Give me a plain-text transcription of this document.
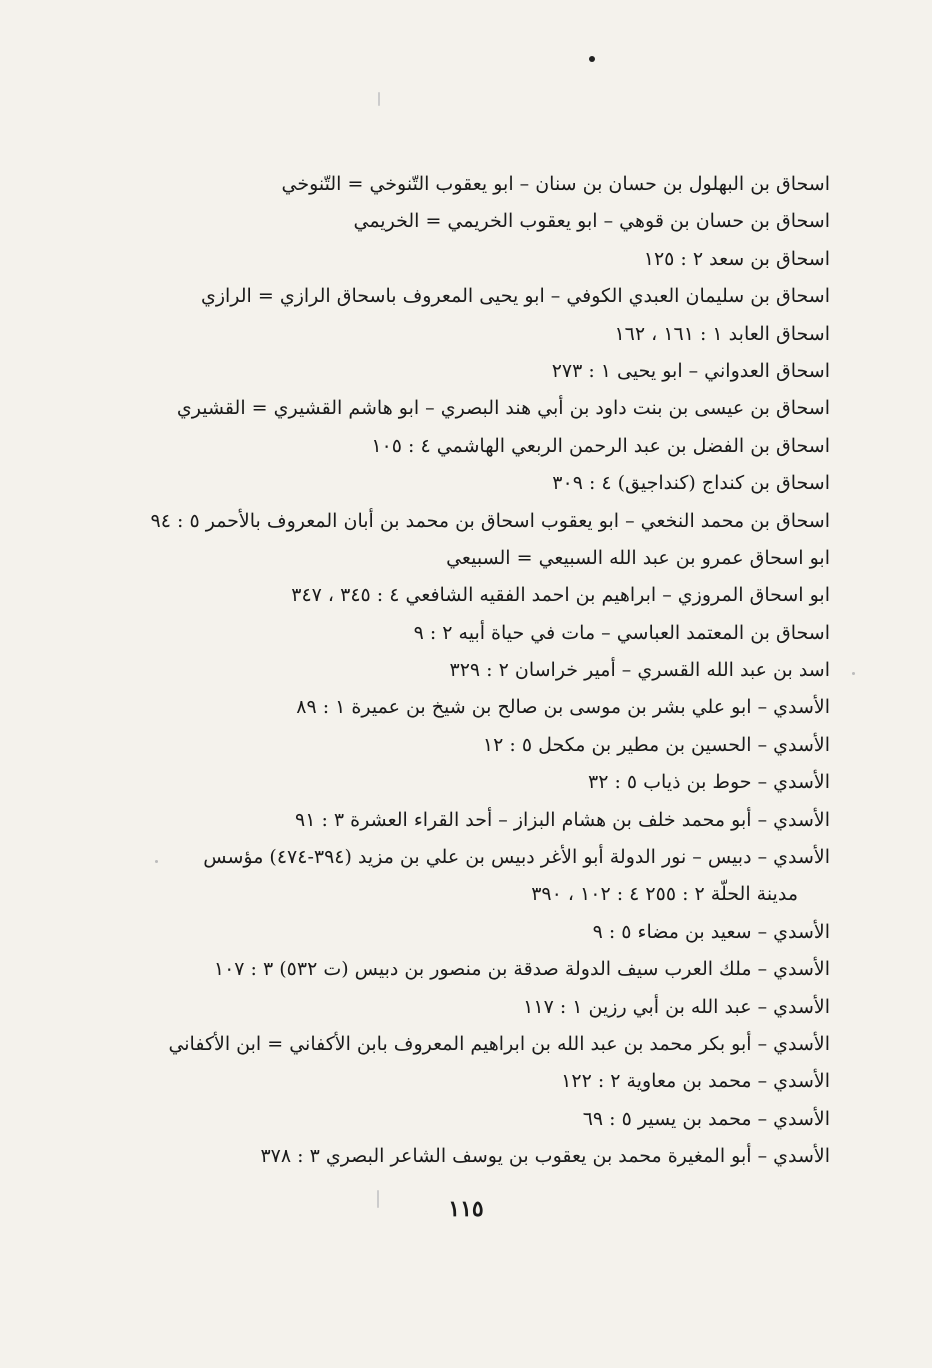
اسحاق بن البهلول بن حسان بن سنان – ابو يعقوب التّنوخي = التّنوخي
اسحاق بن حسان بن قوهي – ابو يعقوب الخريمي = الخريمي
اسحاق بن سعد ٢ : ١٢٥
اسحاق بن سليمان العبدي الكوفي – ابو يحيى المعروف باسحاق الرازي = الرازي
اسحاق العابد ١ : ١٦١ ، ١٦٢
اسحاق العدواني – ابو يحيى ١ : ٢٧٣
اسحاق بن عيسى بن بنت داود بن أبي هند البصري – ابو هاشم القشيري = القشيري
اسحاق بن الفضل بن عبد الرحمن الربعي الهاشمي ٤ : ١٠٥
اسحاق بن كنداج (كنداجيق) ٤ : ٣٠٩
اسحاق بن محمد النخعي – ابو يعقوب اسحاق بن محمد بن أبان المعروف بالأحمر ٥ : ٩٤
ابو اسحاق عمرو بن عبد الله السبيعي = السبيعي
ابو اسحاق المروزي – ابراهيم بن احمد الفقيه الشافعي ٤ : ٣٤٥ ، ٣٤٧
اسحاق بن المعتمد العباسي – مات في حياة أبيه ٢ : ٩
اسد بن عبد الله القسري – أمير خراسان ٢ : ٣٢٩
الأسدي – ابو علي بشر بن موسى بن صالح بن شيخ بن عميرة ١ : ٨٩
الأسدي – الحسين بن مطير بن مكحل ٥ : ١٢
الأسدي – حوط بن ذياب ٥ : ٣٢
الأسدي – أبو محمد خلف بن هشام البزاز – أحد القراء العشرة ٣ : ٩١
الأسدي – دبيس – نور الدولة أبو الأغر دبيس بن علي بن مزيد (٣٩٤-٤٧٤) مؤسس
مدينة الحلّة ٢ : ٢٥٥ ٤ : ١٠٢ ، ٣٩٠
الأسدي – سعيد بن مضاء ٥ : ٩
الأسدي – ملك العرب سيف الدولة صدقة بن منصور بن دبيس (ت ٥٣٢) ٣ : ١٠٧
الأسدي – عبد الله بن أبي رزين ١ : ١١٧
الأسدي – أبو بكر محمد بن عبد الله بن ابراهيم المعروف بابن الأكفاني = ابن الأكفاني
الأسدي – محمد بن معاوية ٢ : ١٢٢
الأسدي – محمد بن يسير ٥ : ٦٩
الأسدي – أبو المغيرة محمد بن يعقوب بن يوسف الشاعر البصري ٣ : ٣٧٨
١١٥
